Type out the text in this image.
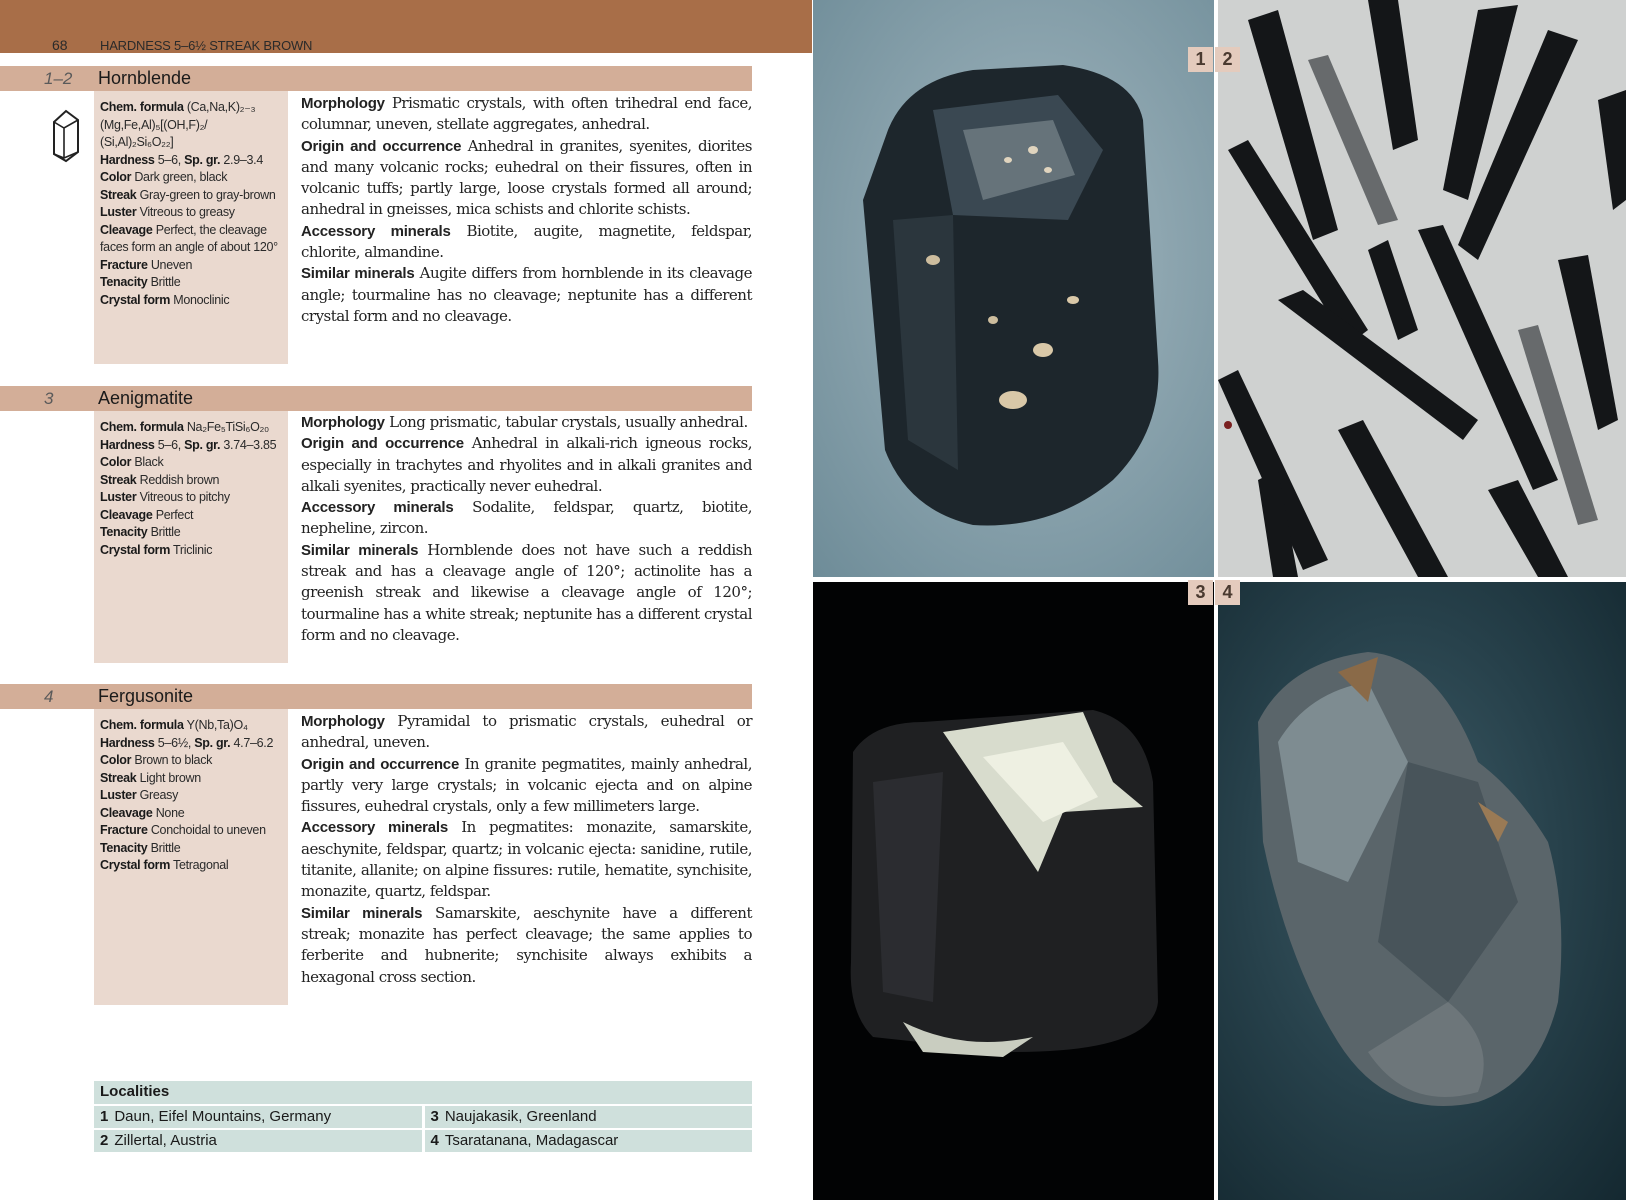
68 HARDNESS 5–6½ STREAK BROWN
1–2 Hornblende
Chem. formula (Ca,Na,K)₂₋₃ (Mg,Fe,Al)₅[(OH,F)₂/ (Si,Al)₂Si₆O₂₂]
Hardness 5–6, Sp. gr. 2.9–3.4
Color Dark green, black
Streak Gray-green to gray-brown
Luster Vitreous to greasy
Cleavage Perfect, the cleavage faces form an angle of about 120°
Fracture Uneven
Tenacity Brittle
Crystal form Monoclinic

Morphology Prismatic crystals, with often trihedral end face, columnar, uneven, stellate aggregates, anhedral.

Origin and occurrence Anhedral in granites, syenites, diorites and many volcanic rocks; euhedral on their fissures, often in volcanic tuffs; partly large, loose crystals formed all around; anhedral in gneisses, mica schists and chlorite schists.

Accessory minerals Biotite, augite, magnetite, feldspar, chlorite, almandine.

Similar minerals Augite differs from hornblende in its cleavage angle; tourmaline has no cleavage; neptunite has a different crystal form and no cleavage.

3 Aenigmatite
Chem. formula Na₂Fe₅TiSi₆O₂₀
Hardness 5–6, Sp. gr. 3.74–3.85
Color Black
Streak Reddish brown
Luster Vitreous to pitchy
Cleavage Perfect
Tenacity Brittle
Crystal form Triclinic

Morphology Long prismatic, tabular crystals, usually anhedral.

Origin and occurrence Anhedral in alkali-rich igneous rocks, especially in trachytes and rhyolites and in alkali granites and alkali syenites, practically never euhedral.

Accessory minerals Sodalite, feldspar, quartz, biotite, nepheline, zircon.

Similar minerals Hornblende does not have such a reddish streak and has a cleavage angle of 120°; actinolite has a greenish streak and likewise a cleavage angle of 120°; tourmaline has a white streak; neptunite has a different crystal form and no cleavage.

4 Fergusonite
Chem. formula Y(Nb,Ta)O₄
Hardness 5–6½, Sp. gr. 4.7–6.2
Color Brown to black
Streak Light brown
Luster Greasy
Cleavage None
Fracture Conchoidal to uneven
Tenacity Brittle
Crystal form Tetragonal

Morphology Pyramidal to prismatic crystals, euhedral or anhedral, uneven.

Origin and occurrence In granite pegmatites, mainly anhedral, partly very large crystals; in volcanic ejecta and on alpine fissures, euhedral crystals, only a few millimeters large.

Accessory minerals In pegmatites: monazite, samarskite, aeschynite, feldspar, quartz; in volcanic ejecta: sanidine, rutile, titanite, allanite; on alpine fissures: rutile, hematite, synchisite, monazite, quartz, feldspar.

Similar minerals Samarskite, aeschynite have a different streak; monazite has perfect cleavage; the same applies to ferberite and hubnerite; synchisite always exhibits a hexagonal cross section.

Localities
1 Daun, Eifel Mountains, Germany	3 Naujakasik, Greenland
2 Zillertal, Austria	4 Tsaratanana, Madagascar
1 2
3 4
